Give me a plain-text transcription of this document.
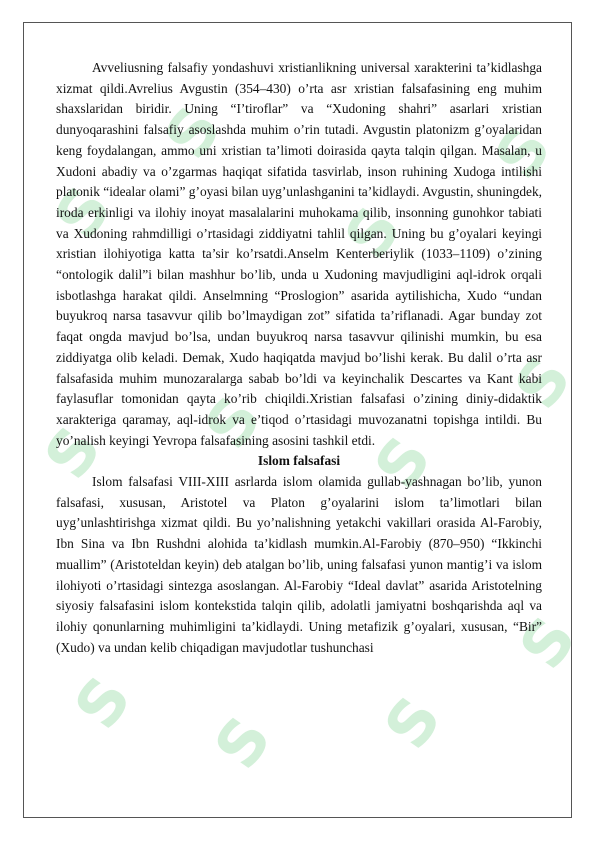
S
S
S
S
S S S
S
S S S
S

Avveliusning falsafiy yondashuvi xristianlikning universal xarakterini ta’kidlashga xizmat qildi.Avrelius Avgustin (354–430) o’rta asr xristian falsafasining eng muhim shaxslaridan biridir. Uning “I’tiroflar” va “Xudoning shahri” asarlari xristian dunyoqarashini falsafiy asoslashda muhim o’rin tutadi. Avgustin platonizm g’oyalaridan keng foydalangan, ammo uni xristian ta’limoti doirasida qayta talqin qilgan. Masalan, u Xudoni abadiy va o’zgarmas haqiqat sifatida tasvirlab, inson ruhining Xudoga intilishi platonik “idealar olami” g’oyasi bilan uyg’unlashganini ta’kidlaydi. Avgustin, shuningdek, iroda erkinligi va ilohiy inoyat masalalarini muhokama qilib, insonning gunohkor tabiati va Xudoning rahmdilligi o’rtasidagi ziddiyatni tahlil qilgan. Uning bu g’oyalari keyingi xristian ilohiyotiga katta ta’sir ko’rsatdi.Anselm Kenterberiylik (1033–1109) o’zining “ontologik dalil”i bilan mashhur bo’lib, unda u Xudoning mavjudligini aql-idrok orqali isbotlashga harakat qildi. Anselmning “Proslogion” asarida aytilishicha, Xudo “undan buyukroq narsa tasavvur qilib bo’lmaydigan zot” sifatida ta’riflanadi. Agar bunday zot faqat ongda mavjud bo’lsa, undan buyukroq narsa tasavvur qilinishi mumkin, bu esa ziddiyatga olib keladi. Demak, Xudo haqiqatda mavjud bo’lishi kerak. Bu dalil o’rta asr falsafasida muhim munozaralarga sabab bo’ldi va keyinchalik Descartes va Kant kabi faylasuflar tomonidan qayta ko’rib chiqildi.Xristian falsafasi o’zining diniy-didaktik xarakteriga qaramay, aql-idrok va e’tiqod o’rtasidagi muvozanatni topishga intildi. Bu yo’nalish keyingi Yevropa falsafasining asosini tashkil etdi.

Islom falsafasi

Islom falsafasi VIII-XIII asrlarda islom olamida gullab-yashnagan bo’lib, yunon falsafasi, xususan, Aristotel va Platon g’oyalarini islom ta’limotlari bilan uyg’unlashtirishga xizmat qildi. Bu yo’nalishning yetakchi vakillari orasida Al-Farobiy, Ibn Sina va Ibn Rushdni alohida ta’kidlash mumkin.Al-Farobiy (870–950) “Ikkinchi muallim” (Aristoteldan keyin) deb atalgan bo’lib, uning falsafasi yunon mantig’i va islom ilohiyoti o’rtasidagi sintezga asoslangan. Al-Farobiy “Ideal davlat” asarida Aristotelning siyosiy falsafasini islom kontekstida talqin qilib, adolatli jamiyatni boshqarishda aql va ilohiy qonunlarning muhimligini ta’kidlaydi. Uning metafizik g’oyalari, xususan, “Bir” (Xudo) va undan kelib chiqadigan mavjudotlar tushunchasi
